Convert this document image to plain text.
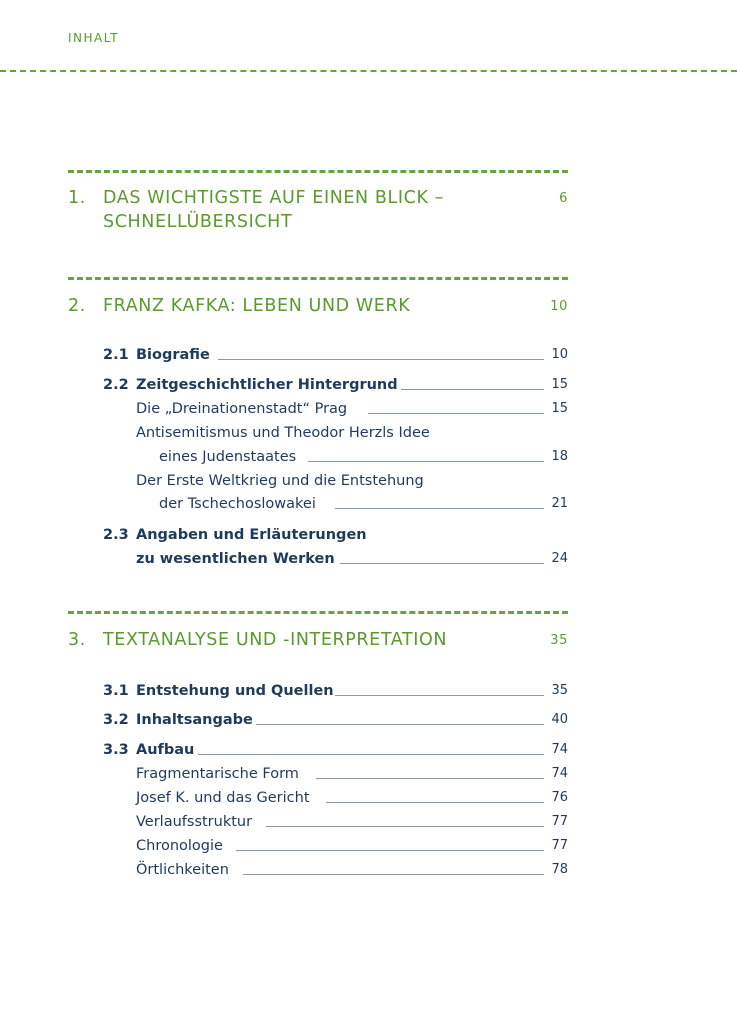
INHALT
1. DAS WICHTIGSTE AUF EINEN BLICK –
SCHNELLÜBERSICHT
6
2. FRANZ KAFKA: LEBEN UND WERK	10
2.1 Biografie	10
2.2 Zeitgeschichtlicher Hintergrund	15
Die „Dreinationenstadt“ Prag	15
Antisemitismus und Theodor Herzls Idee
eines Judenstaates	18
Der Erste Weltkrieg und die Entstehung
der Tschechoslowakei	21
2.3 Angaben und Erläuterungen
zu wesentlichen Werken	24
3. TEXTANALYSE UND -INTERPRETATION	35
3.1 Entstehung und Quellen	35
3.2 Inhaltsangabe	40
3.3 Aufbau	74
Fragmentarische Form	74
Josef K. und das Gericht	76
Verlaufsstruktur	77
Chronologie	77
Örtlichkeiten	78
